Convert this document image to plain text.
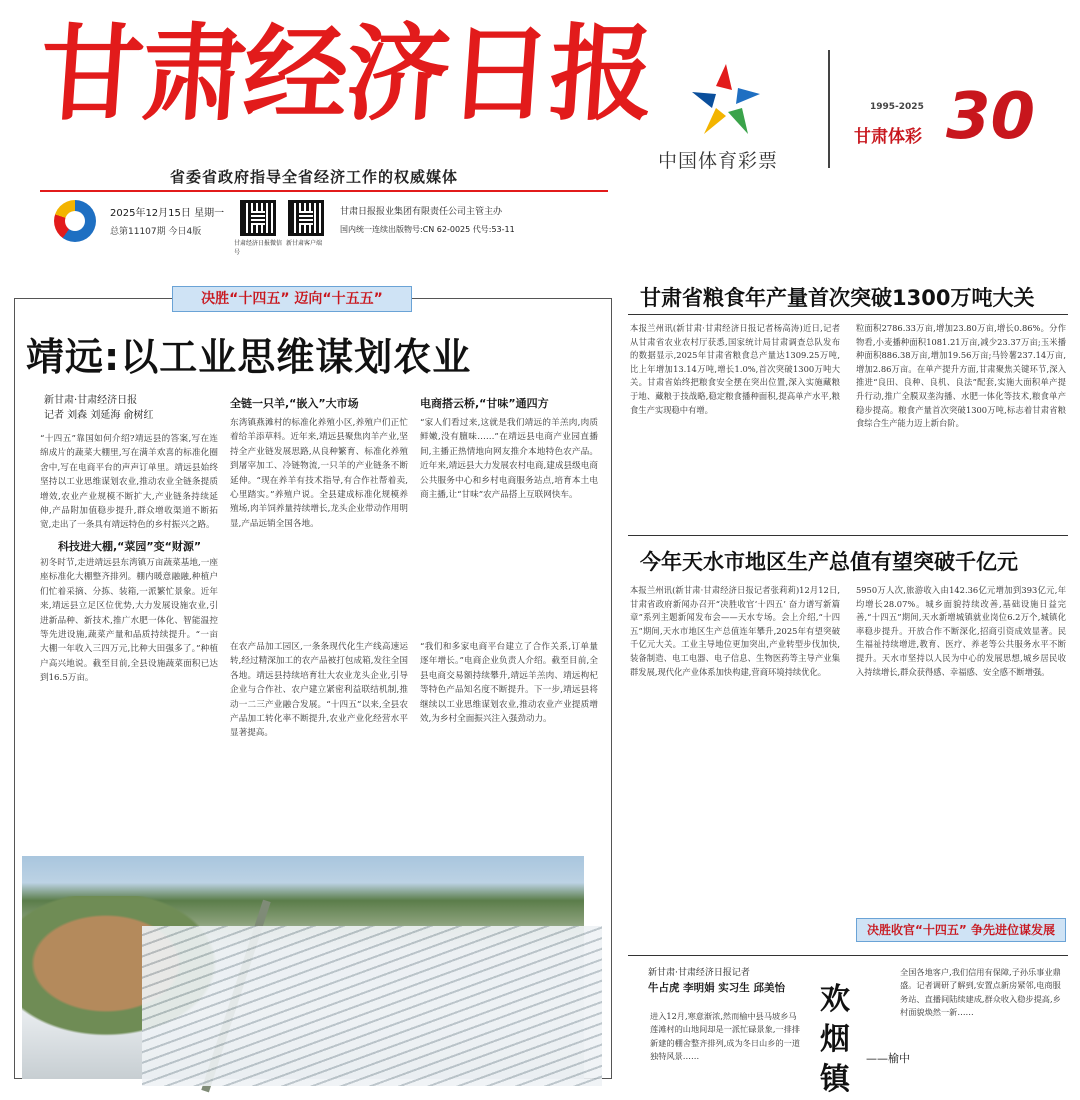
甘肃经济日报
省委省政府指导全省经济工作的权威媒体
2025年12月15日 星期一
总第11107期 今日4版
甘肃经济日报微信号
新甘肃客户端
甘肃日报报业集团有限责任公司主管主办
国内统一连续出版物号:CN 62-0025 代号:53-11
中国体育彩票
1995-2025
甘肃体彩 30
决胜“十四五” 迈向“十五五”
靖远:以工业思维谋划农业
新甘肃·甘肃经济日报
记者 刘森 刘延海 俞树红
全链一只羊,“嵌入”大市场	电商搭云桥,“甘味”通四方
“十四五”靠国如何介绍?靖远县的答案,写在连绵成片的蔬菜大棚里,写在满羊欢喜的标准化圈舍中,写在电商平台的声声订单里。靖远县始终坚持以工业思维谋划农业,推动农业全链条提质增效,农业产业规模不断扩大,产业链条持续延伸,产品附加值稳步提升,群众增收渠道不断拓宽,走出了一条具有靖远特色的乡村振兴之路。
科技进大棚,“菜园”变“财源”
初冬时节,走进靖远县东湾镇万亩蔬菜基地,一座座标准化大棚整齐排列。棚内暖意融融,种植户们忙着采摘、分拣、装箱,一派繁忙景象。近年来,靖远县立足区位优势,大力发展设施农业,引进新品种、新技术,推广水肥一体化、智能温控等先进设施,蔬菜产量和品质持续提升。“一亩大棚一年收入三四万元,比种大田强多了。”种植户高兴地说。截至目前,全县设施蔬菜面积已达到16.5万亩。
东湾镇燕滩村的标准化养殖小区,养殖户们正忙着给羊添草料。近年来,靖远县聚焦肉羊产业,坚持全产业链发展思路,从良种繁育、标准化养殖到屠宰加工、冷链物流,一只羊的产业链条不断延伸。“现在养羊有技术指导,有合作社帮着卖,心里踏实。”养殖户说。全县建成标准化规模养殖场,肉羊饲养量持续增长,龙头企业带动作用明显,产品远销全国各地。
在农产品加工园区,一条条现代化生产线高速运转,经过精深加工的农产品被打包成箱,发往全国各地。靖远县持续培育壮大农业龙头企业,引导企业与合作社、农户建立紧密利益联结机制,推动一二三产业融合发展。“十四五”以来,全县农产品加工转化率不断提升,农业产业化经营水平显著提高。
“家人们看过来,这就是我们靖远的羊羔肉,肉质鲜嫩,没有膻味……”在靖远县电商产业园直播间,主播正热情地向网友推介本地特色农产品。近年来,靖远县大力发展农村电商,建成县级电商公共服务中心和乡村电商服务站点,培育本土电商主播,让“甘味”农产品搭上互联网快车。
“我们和多家电商平台建立了合作关系,订单量逐年增长。”电商企业负责人介绍。截至目前,全县电商交易额持续攀升,靖远羊羔肉、靖远枸杞等特色产品知名度不断提升。下一步,靖远县将继续以工业思维谋划农业,推动农业产业提质增效,为乡村全面振兴注入强劲动力。
甘肃省粮食年产量首次突破1300万吨大关
本报兰州讯(新甘肃·甘肃经济日报记者杨高涛)近日,记者从甘肃省农业农村厅获悉,国家统计局甘肃调查总队发布的数据显示,2025年甘肃省粮食总产量达1309.25万吨,比上年增加13.14万吨,增长1.0%,首次突破1300万吨大关。甘肃省始终把粮食安全摆在突出位置,深入实施藏粮于地、藏粮于技战略,稳定粮食播种面积,提高单产水平,粮食生产实现稳中有增。
粒面积2786.33万亩,增加23.80万亩,增长0.86%。分作物看,小麦播种面积1081.21万亩,减少23.37万亩;玉米播种面积886.38万亩,增加19.56万亩;马铃薯237.14万亩,增加2.86万亩。在单产提升方面,甘肃聚焦关键环节,深入推进“良田、良种、良机、良法”配套,实施大面积单产提升行动,推广全膜双垄沟播、水肥一体化等技术,粮食单产稳步提高。粮食产量首次突破1300万吨,标志着甘肃省粮食综合生产能力迈上新台阶。
今年天水市地区生产总值有望突破千亿元
本报兰州讯(新甘肃·甘肃经济日报记者张莉莉)12月12日,甘肃省政府新闻办召开“决胜收官‘十四五’ 奋力谱写新篇章”系列主题新闻发布会——天水专场。会上介绍,“十四五”期间,天水市地区生产总值连年攀升,2025年有望突破千亿元大关。工业主导地位更加突出,产业转型步伐加快,装备制造、电工电器、电子信息、生物医药等主导产业集群发展,现代化产业体系加快构建,营商环境持续优化。
5950万人次,旅游收入由142.36亿元增加到393亿元,年均增长28.07%。城乡面貌持续改善,基础设施日益完善,“十四五”期间,天水新增城镇就业岗位6.2万个,城镇化率稳步提升。开放合作不断深化,招商引资成效显著。民生福祉持续增进,教育、医疗、养老等公共服务水平不断提升。天水市坚持以人民为中心的发展思想,城乡居民收入持续增长,群众获得感、幸福感、安全感不断增强。
决胜收官“十四五” 争先进位谋发展
新甘肃·甘肃经济日报记者
牛占虎 李明娟 实习生 邱美怡
进入12月,寒意渐浓,然而榆中县马坡乡马莲滩村的山地间却是一派忙碌景象,一排排新建的棚舍整齐排列,成为冬日山乡的一道独特风景……
欢烟镇
——榆中
全国各地客户,我们信用有保障,子孙乐事业鼎盛。记者调研了解到,安置点新房紧邻,电商服务站、直播间陆续建成,群众收入稳步提高,乡村面貌焕然一新……
